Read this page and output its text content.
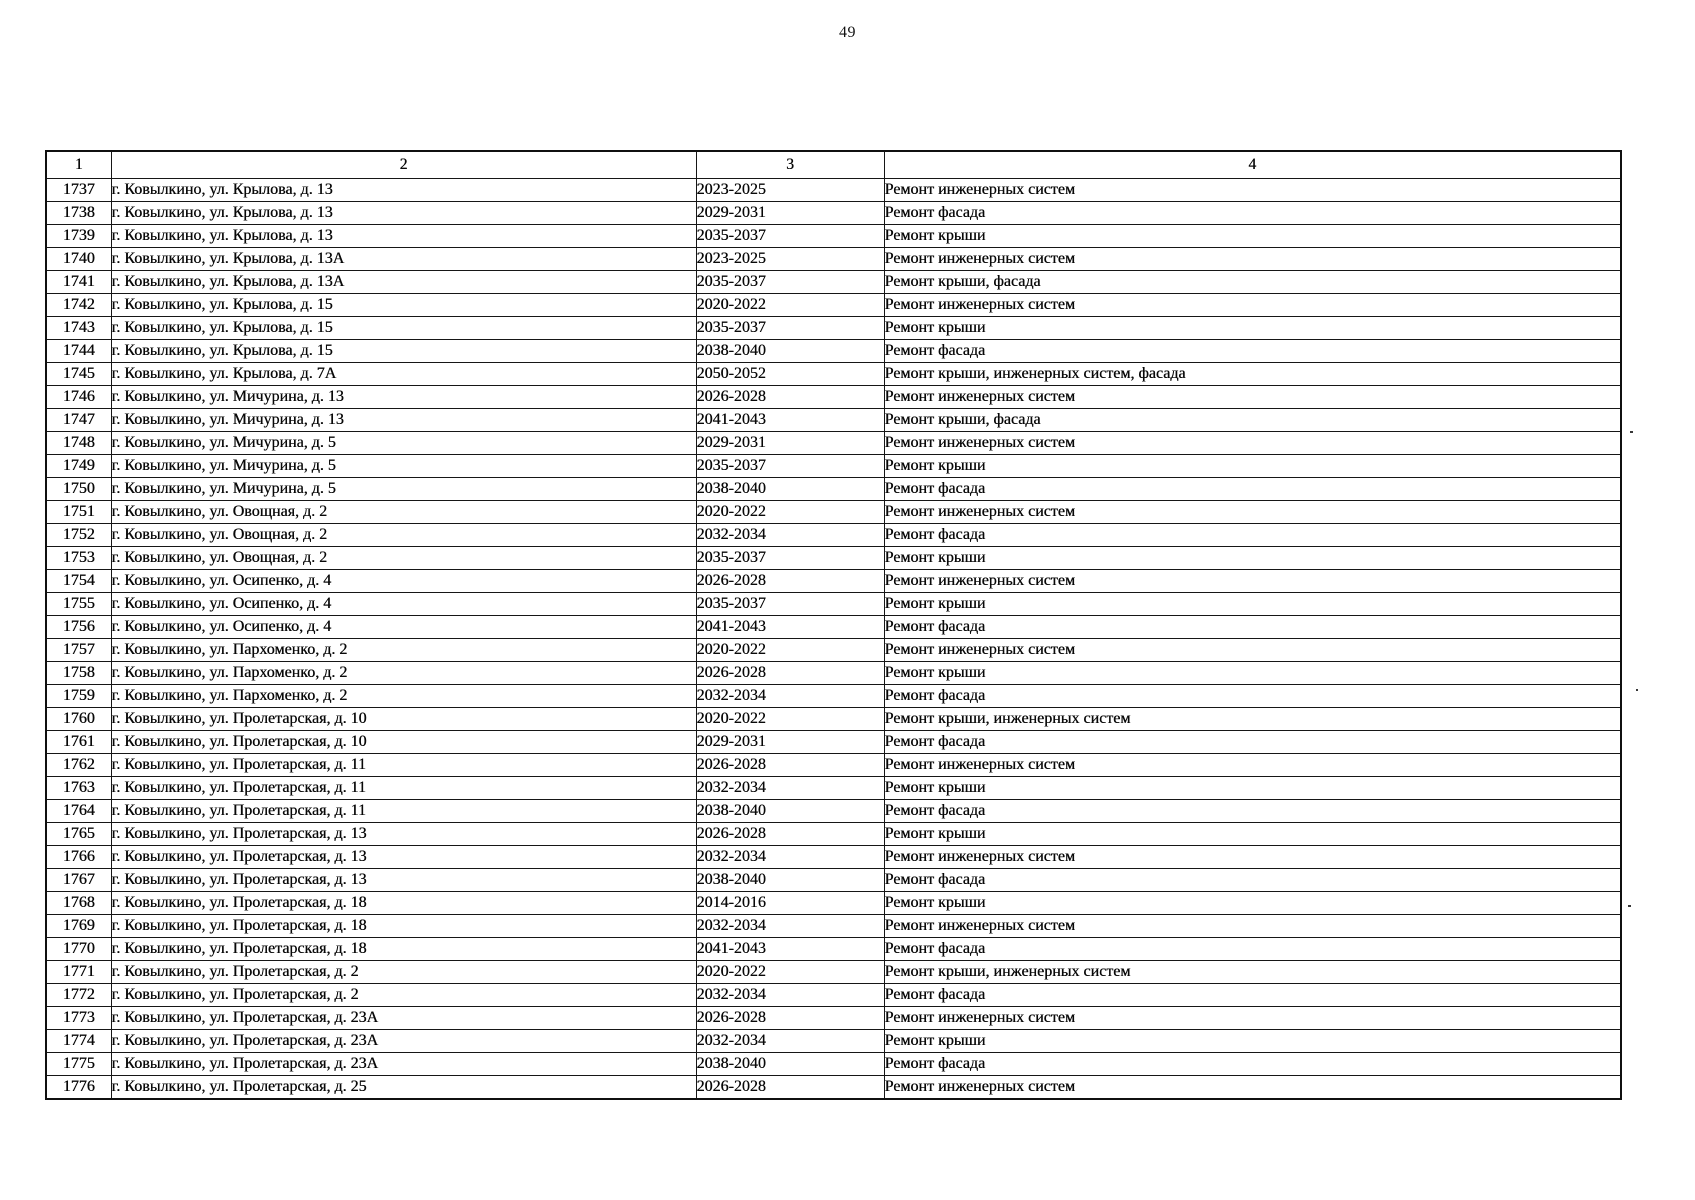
49
1	2	3	4
1737	г. Ковылкино, ул. Крылова, д. 13	2023-2025	Ремонт инженерных систем
1738	г. Ковылкино, ул. Крылова, д. 13	2029-2031	Ремонт фасада
1739	г. Ковылкино, ул. Крылова, д. 13	2035-2037	Ремонт крыши
1740	г. Ковылкино, ул. Крылова, д. 13А	2023-2025	Ремонт инженерных систем
1741	г. Ковылкино, ул. Крылова, д. 13А	2035-2037	Ремонт крыши, фасада
1742	г. Ковылкино, ул. Крылова, д. 15	2020-2022	Ремонт инженерных систем
1743	г. Ковылкино, ул. Крылова, д. 15	2035-2037	Ремонт крыши
1744	г. Ковылкино, ул. Крылова, д. 15	2038-2040	Ремонт фасада
1745	г. Ковылкино, ул. Крылова, д. 7А	2050-2052	Ремонт крыши, инженерных систем, фасада
1746	г. Ковылкино, ул. Мичурина, д. 13	2026-2028	Ремонт инженерных систем
1747	г. Ковылкино, ул. Мичурина, д. 13	2041-2043	Ремонт крыши, фасада
1748	г. Ковылкино, ул. Мичурина, д. 5	2029-2031	Ремонт инженерных систем
1749	г. Ковылкино, ул. Мичурина, д. 5	2035-2037	Ремонт крыши
1750	г. Ковылкино, ул. Мичурина, д. 5	2038-2040	Ремонт фасада
1751	г. Ковылкино, ул. Овощная, д. 2	2020-2022	Ремонт инженерных систем
1752	г. Ковылкино, ул. Овощная, д. 2	2032-2034	Ремонт фасада
1753	г. Ковылкино, ул. Овощная, д. 2	2035-2037	Ремонт крыши
1754	г. Ковылкино, ул. Осипенко, д. 4	2026-2028	Ремонт инженерных систем
1755	г. Ковылкино, ул. Осипенко, д. 4	2035-2037	Ремонт крыши
1756	г. Ковылкино, ул. Осипенко, д. 4	2041-2043	Ремонт фасада
1757	г. Ковылкино, ул. Пархоменко, д. 2	2020-2022	Ремонт инженерных систем
1758	г. Ковылкино, ул. Пархоменко, д. 2	2026-2028	Ремонт крыши
1759	г. Ковылкино, ул. Пархоменко, д. 2	2032-2034	Ремонт фасада
1760	г. Ковылкино, ул. Пролетарская, д. 10	2020-2022	Ремонт крыши, инженерных систем
1761	г. Ковылкино, ул. Пролетарская, д. 10	2029-2031	Ремонт фасада
1762	г. Ковылкино, ул. Пролетарская, д. 11	2026-2028	Ремонт инженерных систем
1763	г. Ковылкино, ул. Пролетарская, д. 11	2032-2034	Ремонт крыши
1764	г. Ковылкино, ул. Пролетарская, д. 11	2038-2040	Ремонт фасада
1765	г. Ковылкино, ул. Пролетарская, д. 13	2026-2028	Ремонт крыши
1766	г. Ковылкино, ул. Пролетарская, д. 13	2032-2034	Ремонт инженерных систем
1767	г. Ковылкино, ул. Пролетарская, д. 13	2038-2040	Ремонт фасада
1768	г. Ковылкино, ул. Пролетарская, д. 18	2014-2016	Ремонт крыши
1769	г. Ковылкино, ул. Пролетарская, д. 18	2032-2034	Ремонт инженерных систем
1770	г. Ковылкино, ул. Пролетарская, д. 18	2041-2043	Ремонт фасада
1771	г. Ковылкино, ул. Пролетарская, д. 2	2020-2022	Ремонт крыши, инженерных систем
1772	г. Ковылкино, ул. Пролетарская, д. 2	2032-2034	Ремонт фасада
1773	г. Ковылкино, ул. Пролетарская, д. 23А	2026-2028	Ремонт инженерных систем
1774	г. Ковылкино, ул. Пролетарская, д. 23А	2032-2034	Ремонт крыши
1775	г. Ковылкино, ул. Пролетарская, д. 23А	2038-2040	Ремонт фасада
1776	г. Ковылкино, ул. Пролетарская, д. 25	2026-2028	Ремонт инженерных систем
